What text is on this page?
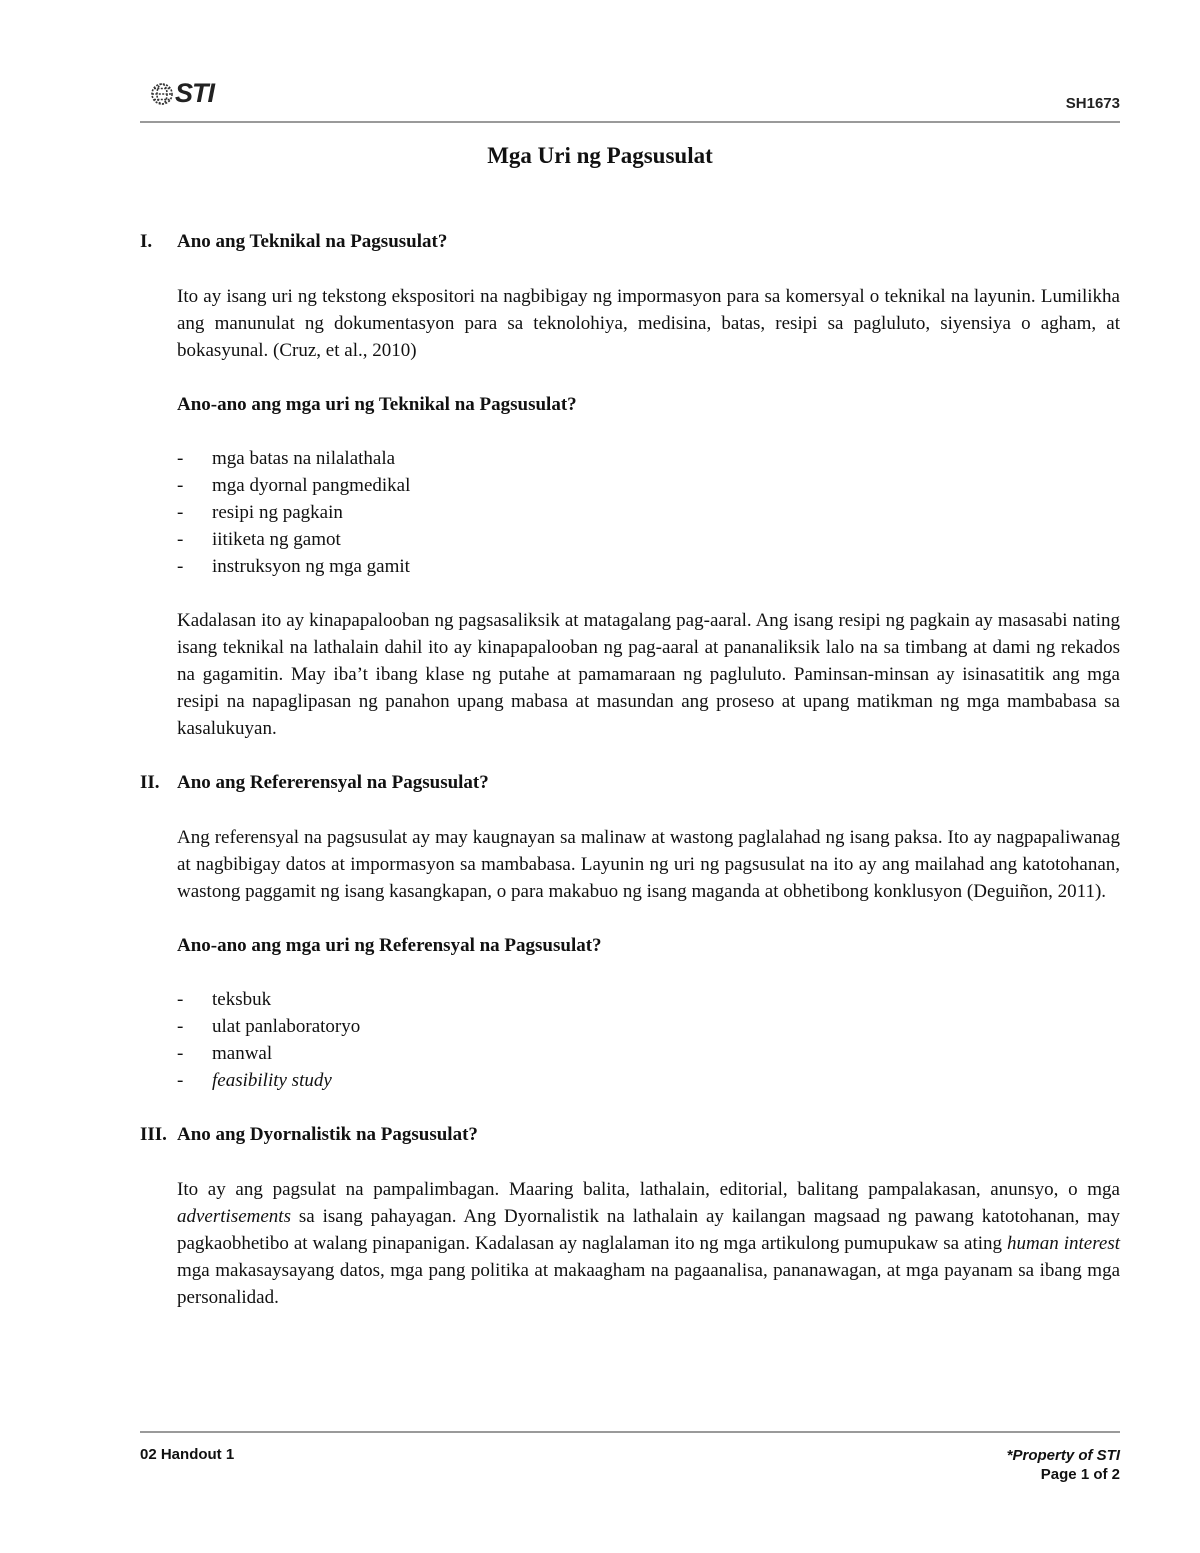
STI	SH1673
Mga Uri ng Pagsusulat

I.	Ano ang Teknikal na Pagsusulat?

Ito ay isang uri ng tekstong ekspositori na nagbibigay ng impormasyon para sa komersyal o teknikal na layunin. Lumilikha ang manunulat ng dokumentasyon para sa teknolohiya, medisina, batas, resipi sa pagluluto, siyensiya o agham, at bokasyunal. (Cruz, et al., 2010)

Ano-ano ang mga uri ng Teknikal na Pagsusulat?

-	mga batas na nilalathala
-	mga dyornal pangmedikal
-	resipi ng pagkain
-	iitiketa ng gamot
-	instruksyon ng mga gamit

Kadalasan ito ay kinapapalooban ng pagsasaliksik at matagalang pag-aaral. Ang isang resipi ng pagkain ay masasabi nating isang teknikal na lathalain dahil ito ay kinapapalooban ng pag-aaral at pananaliksik lalo na sa timbang at dami ng rekados na gagamitin. May iba’t ibang klase ng putahe at pamamaraan ng pagluluto. Paminsan-minsan ay isinasatitik ang mga resipi na napaglipasan ng panahon upang mabasa at masundan ang proseso at upang matikman ng mga mambabasa sa kasalukuyan.

II. Ano ang Refererensyal na Pagsusulat?

Ang referensyal na pagsusulat ay may kaugnayan sa malinaw at wastong paglalahad ng isang paksa. Ito ay nagpapaliwanag at nagbibigay datos at impormasyon sa mambabasa. Layunin ng uri ng pagsusulat na ito ay ang mailahad ang katotohanan, wastong paggamit ng isang kasangkapan, o para makabuo ng isang maganda at obhetibong konklusyon (Deguiñon, 2011).

Ano-ano ang mga uri ng Referensyal na Pagsusulat?

-	teksbuk
-	ulat panlaboratoryo
-	manwal
-	feasibility study

III. Ano ang Dyornalistik na Pagsusulat?

Ito ay ang pagsulat na pampalimbagan. Maaring balita, lathalain, editorial, balitang pampalakasan, anunsyo, o mga advertisements sa isang pahayagan. Ang Dyornalistik na lathalain ay kailangan magsaad ng pawang katotohanan, may pagkaobhetibo at walang pinapanigan. Kadalasan ay naglalaman ito ng mga artikulong pumupukaw sa ating human interest mga makasaysayang datos, mga pang politika at makaagham na pagaanalisa, pananawagan, at mga payanam sa ibang mga personalidad.

02 Handout 1	*Property of STI
Page 1 of 2
